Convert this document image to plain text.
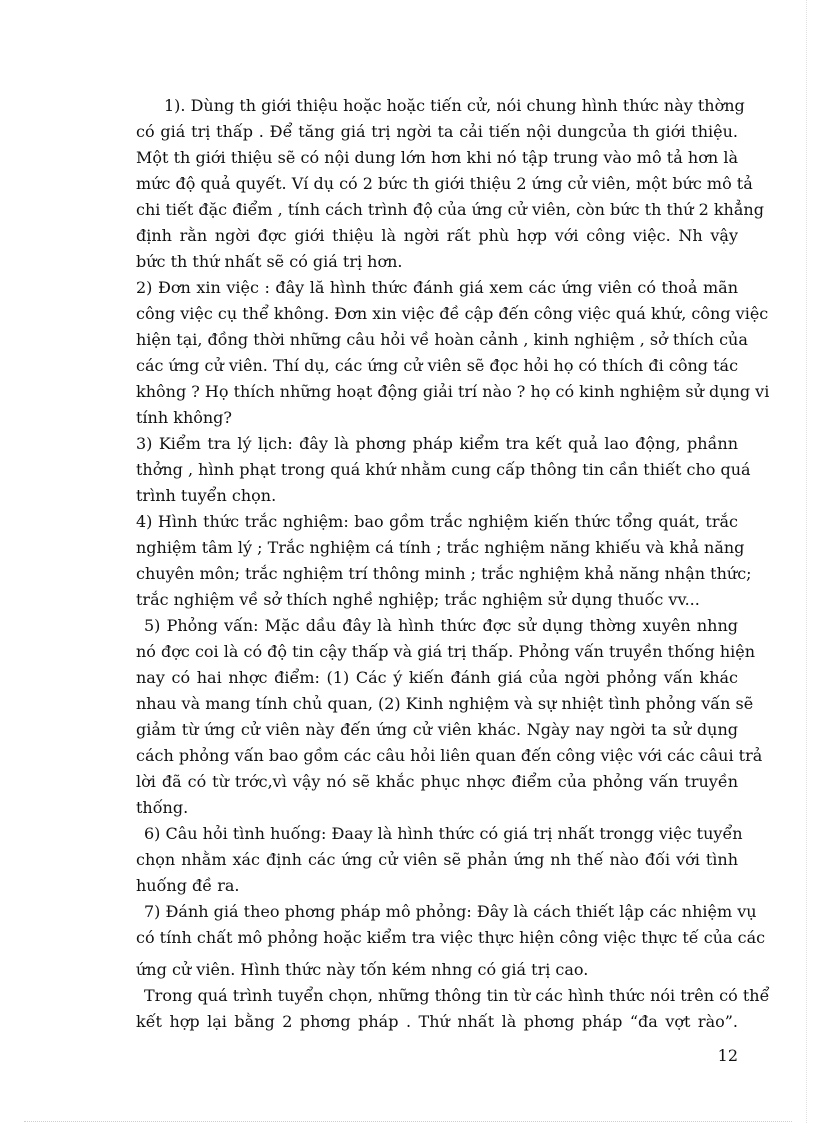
1). Dùng th giới thiệu hoặc hoặc tiến cử, nói chung hình thức này thờng
có giá trị thấp . Để tăng giá trị ngời ta cải tiến nội dungcủa th giới thiệu.
Một th giới thiệu sẽ có nội dung lớn hơn khi nó tập trung vào mô tả hơn là
mức độ quả quyết. Ví dụ có 2 bức th giới thiệu 2 ứng cử viên, một bức mô tả
chi tiết đặc điểm , tính cách trình độ của ứng cử viên, còn bức th thứ 2 khẳng
định rằn ngời đợc giới thiệu là ngời rất phù hợp với công việc. Nh vậy
bức th thứ nhất sẽ có giá trị hơn.
2) Đơn xin việc : đây lă hình thức đánh giá xem các ứng viên có thoả mãn
công việc cụ thể không. Đơn xin việc đề cập đến công việc quá khứ, công việc
hiện tại, đồng thời những câu hỏi về hoàn cảnh , kinh nghiệm , sở thích của
các ứng cử viên. Thí dụ, các ứng cử viên sẽ đọc hỏi họ có thích đi công tác
không ? Họ thích những hoạt động giải trí nào ? họ có kinh nghiệm sử dụng vi
tính không?
3) Kiểm tra lý lịch: đây là phơng pháp kiểm tra kết quả lao động, phầnn
thởng , hình phạt trong quá khứ nhằm cung cấp thông tin cần thiết cho quá
trình tuyển chọn.
4) Hình thức trắc nghiệm: bao gồm trắc nghiệm kiến thức tổng quát, trắc
nghiệm tâm lý ; Trắc nghiệm cá tính ; trắc nghiệm năng khiếu và khả năng
chuyên môn; trắc nghiệm trí thông minh ; trắc nghiệm khả năng nhận thức;
trắc nghiệm về sở thích nghề nghiệp; trắc nghiệm sử dụng thuốc vv...
5) Phỏng vấn: Mặc dầu đây là hình thức đợc sử dụng thờng xuyên nhng
nó đợc coi là có độ tin cậy thấp và giá trị thấp. Phỏng vấn truyền thống hiện
nay có hai nhợc điểm: (1) Các ý kiến đánh giá của ngời phỏng vấn khác
nhau và mang tính chủ quan, (2) Kinh nghiệm và sự nhiệt tình phỏng vấn sẽ
giảm từ ứng cử viên này đến ứng cử viên khác. Ngày nay ngời ta sử dụng
cách phỏng vấn bao gồm các câu hỏi liên quan đến công việc với các câui trả
lời đã có từ trớc,vì vậy nó sẽ khắc phục nhợc điểm của phỏng vấn truyền
thống.
6) Câu hỏi tình huống: Đaay là hình thức có giá trị nhất trongg việc tuyển
chọn nhằm xác định các ứng cử viên sẽ phản ứng nh thế nào đối với tình
huống đề ra.
7) Đánh giá theo phơng pháp mô phỏng: Đây là cách thiết lập các nhiệm vụ
có tính chất mô phỏng hoặc kiểm tra việc thực hiện công việc thực tế của các
ứng cử viên. Hình thức này tốn kém nhng có giá trị cao.
Trong quá trình tuyển chọn, những thông tin từ các hình thức nói trên có thể
kết hợp lại bằng 2 phơng pháp . Thứ nhất là phơng pháp “đa vợt rào”.
12
